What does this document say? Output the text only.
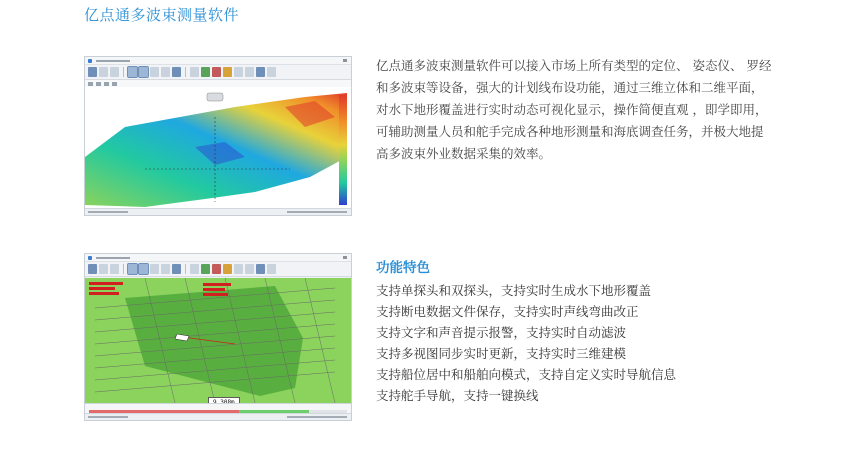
亿点通多波束测量软件

亿点通多波束测量软件可以接入市场上所有类型的定位、 姿态仪、 罗经和多波束等设备，强大的计划线布设功能，通过三维立体和二维平面，对水下地形覆盖进行实时动态可视化显示，操作简便直观 ，即学即用，可辅助测量人员和舵手完成各种地形测量和海底调查任务，并极大地提高多波束外业数据采集的效率。

功能特色
支持单探头和双探头，支持实时生成水下地形覆盖
支持断电数据文件保存，支持实时声线弯曲改正
支持文字和声音提示报警，支持实时自动滤波
支持多视图同步实时更新，支持实时三维建模
支持船位居中和船舶向模式，支持自定义实时导航信息
支持舵手导航，支持一键换线
